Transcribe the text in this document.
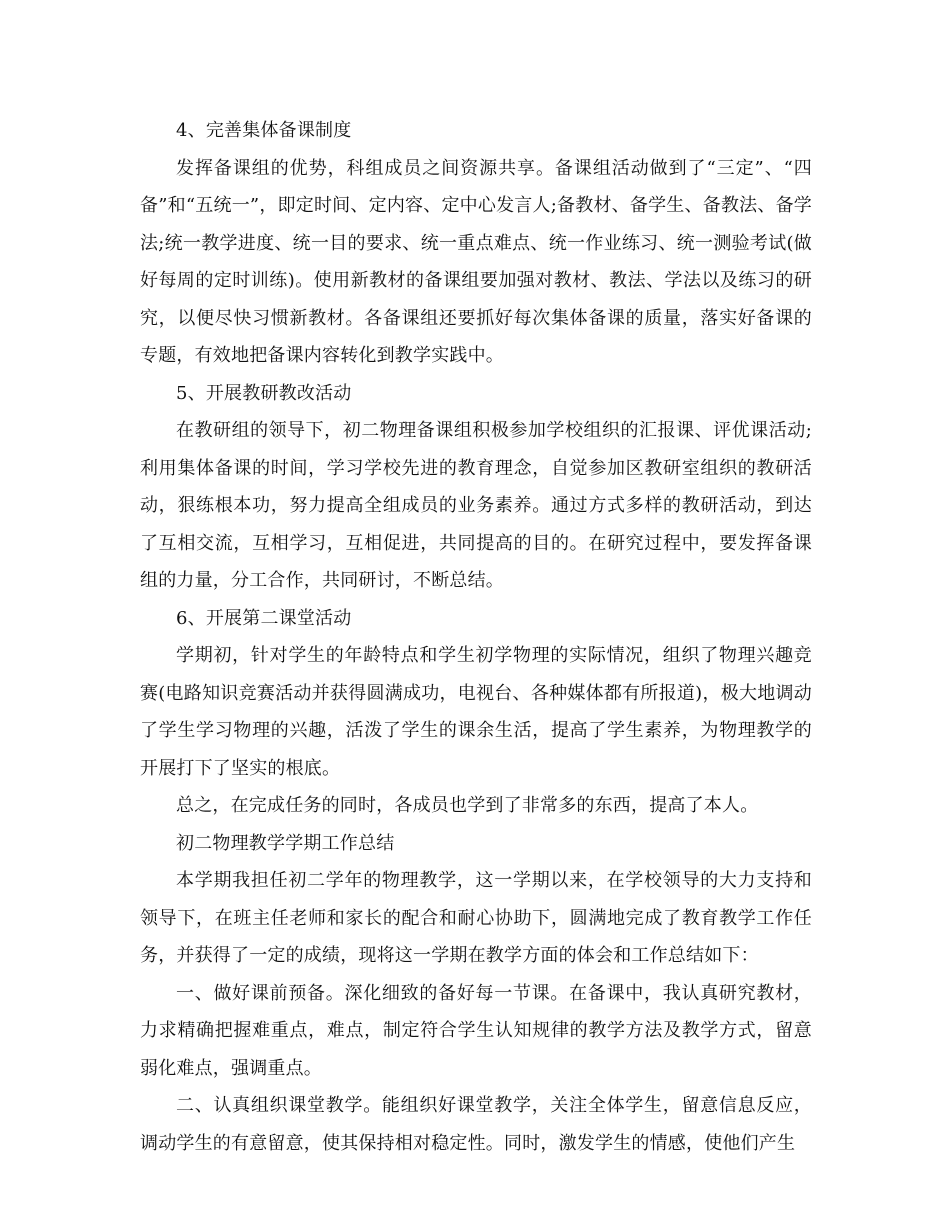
4、完善集体备课制度

发挥备课组的优势，科组成员之间资源共享。备课组活动做到了“三定”、“四备”和“五统一”，即定时间、定内容、定中心发言人;备教材、备学生、备教法、备学法;统一教学进度、统一目的要求、统一重点难点、统一作业练习、统一测验考试(做好每周的定时训练)。使用新教材的备课组要加强对教材、教法、学法以及练习的研究，以便尽快习惯新教材。各备课组还要抓好每次集体备课的质量，落实好备课的专题，有效地把备课内容转化到教学实践中。

5、开展教研教改活动

在教研组的领导下，初二物理备课组积极参加学校组织的汇报课、评优课活动;利用集体备课的时间，学习学校先进的教育理念，自觉参加区教研室组织的教研活动，狠练根本功，努力提高全组成员的业务素养。通过方式多样的教研活动，到达了互相交流，互相学习，互相促进，共同提高的目的。在研究过程中，要发挥备课组的力量，分工合作，共同研讨，不断总结。

6、开展第二课堂活动

学期初，针对学生的年龄特点和学生初学物理的实际情况，组织了物理兴趣竞赛(电路知识竞赛活动并获得圆满成功，电视台、各种媒体都有所报道)，极大地调动了学生学习物理的兴趣，活泼了学生的课余生活，提高了学生素养，为物理教学的开展打下了坚实的根底。

总之，在完成任务的同时，各成员也学到了非常多的东西，提高了本人。

初二物理教学学期工作总结

本学期我担任初二学年的物理教学，这一学期以来，在学校领导的大力支持和领导下，在班主任老师和家长的配合和耐心协助下，圆满地完成了教育教学工作任务，并获得了一定的成绩，现将这一学期在教学方面的体会和工作总结如下：

一、做好课前预备。深化细致的备好每一节课。在备课中，我认真研究教材，力求精确把握难重点，难点，制定符合学生认知规律的教学方法及教学方式，留意弱化难点，强调重点。

二、认真组织课堂教学。能组织好课堂教学，关注全体学生，留意信息反应，调动学生的有意留意，使其保持相对稳定性。同时，激发学生的情感，使他们产生
